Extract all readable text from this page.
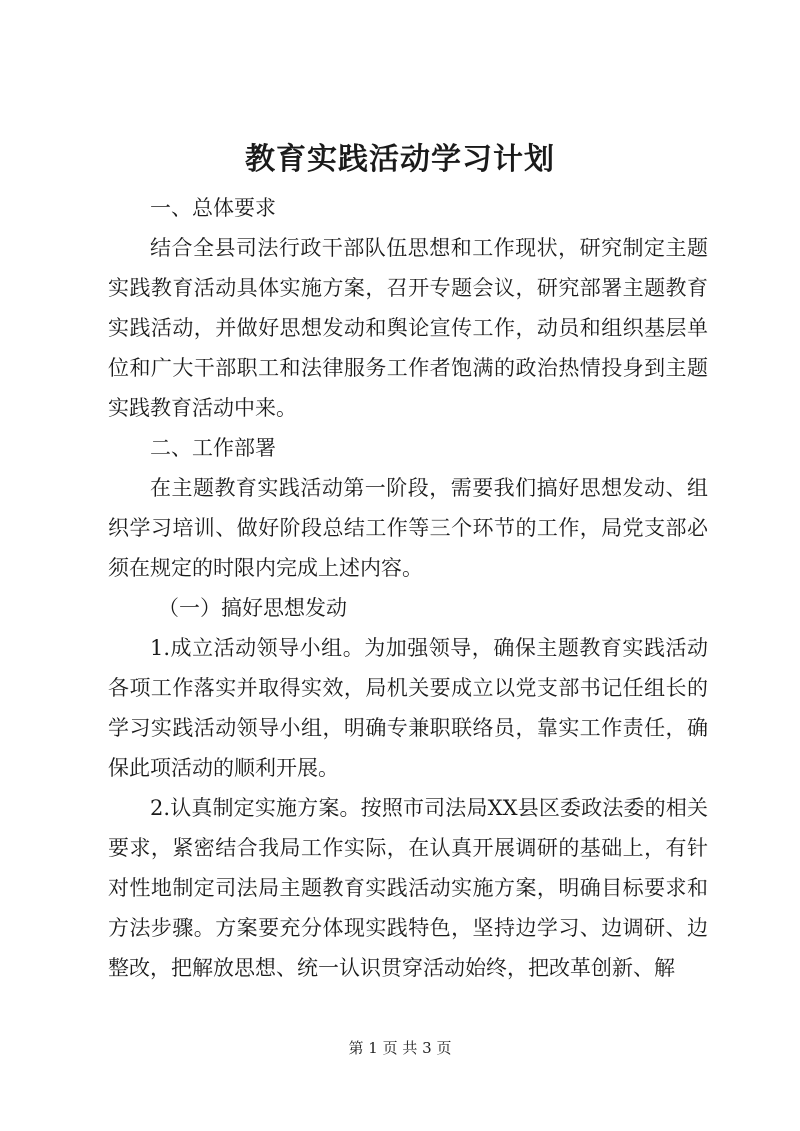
教育实践活动学习计划

一、总体要求

结合全县司法行政干部队伍思想和工作现状，研究制定主题实践教育活动具体实施方案，召开专题会议，研究部署主题教育实践活动，并做好思想发动和舆论宣传工作，动员和组织基层单位和广大干部职工和法律服务工作者饱满的政治热情投身到主题实践教育活动中来。

二、工作部署

在主题教育实践活动第一阶段，需要我们搞好思想发动、组织学习培训、做好阶段总结工作等三个环节的工作，局党支部必须在规定的时限内完成上述内容。

（一）搞好思想发动

1.成立活动领导小组。为加强领导，确保主题教育实践活动各项工作落实并取得实效，局机关要成立以党支部书记任组长的学习实践活动领导小组，明确专兼职联络员，靠实工作责任，确保此项活动的顺利开展。

2.认真制定实施方案。按照市司法局XX县区委政法委的相关要求，紧密结合我局工作实际，在认真开展调研的基础上，有针对性地制定司法局主题教育实践活动实施方案，明确目标要求和方法步骤。方案要充分体现实践特色，坚持边学习、边调研、边整改，把解放思想、统一认识贯穿活动始终，把改革创新、解

第 1 页 共 3 页
